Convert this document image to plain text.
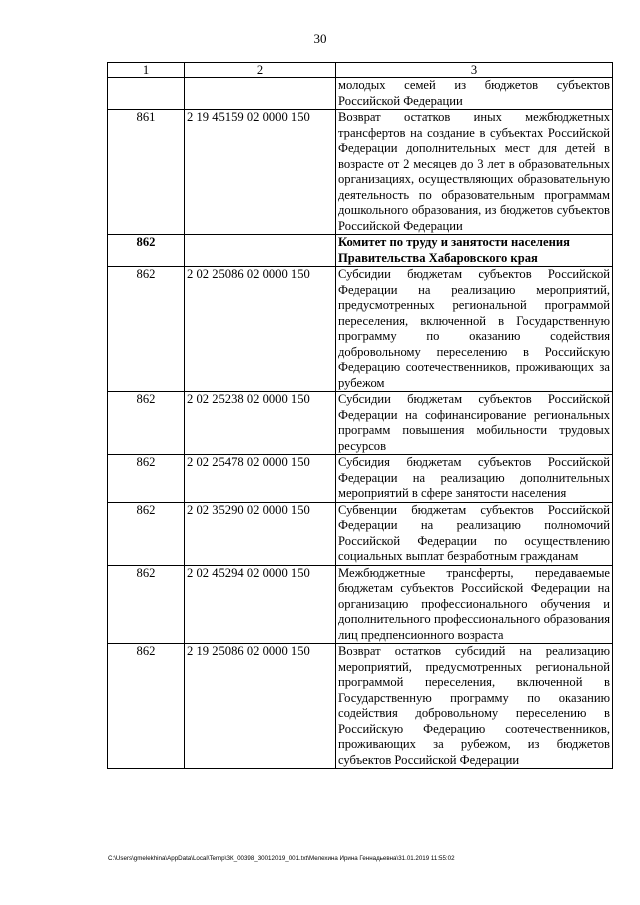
30
1	2	3
		молодых семей из бюджетов субъектов Российской Федерации
861	2 19 45159 02 0000 150	Возврат остатков иных межбюджетных трансфертов на создание в субъектах Российской Федерации дополнительных мест для детей в возрасте от 2 месяцев до 3 лет в образовательных организациях, осуществляющих образовательную деятельность по образовательным программам дошкольного образования, из бюджетов субъектов Российской Федерации
862		Комитет по труду и занятости населения Правительства Хабаровского края
862	2 02 25086 02 0000 150	Субсидии бюджетам субъектов Российской Федерации на реализацию мероприятий, предусмотренных региональной программой переселения, включенной в Государственную программу по оказанию содействия добровольному переселению в Российскую Федерацию соотечественников, проживающих за рубежом
862	2 02 25238 02 0000 150	Субсидии бюджетам субъектов Российской Федерации на софинансирование региональных программ повышения мобильности трудовых ресурсов
862	2 02 25478 02 0000 150	Субсидия бюджетам субъектов Российской Федерации на реализацию дополнительных мероприятий в сфере занятости населения
862	2 02 35290 02 0000 150	Субвенции бюджетам субъектов Российской Федерации на реализацию полномочий Российской Федерации по осуществлению социальных выплат безработным гражданам
862	2 02 45294 02 0000 150	Межбюджетные трансферты, передаваемые бюджетам субъектов Российской Федерации на организацию профессионального обучения и дополнительного профессионального образования лиц предпенсионного возраста
862	2 19 25086 02 0000 150	Возврат остатков субсидий на реализацию мероприятий, предусмотренных региональной программой переселения, включенной в Государственную программу по оказанию содействия добровольному переселению в Российскую Федерацию соотечественников, проживающих за рубежом, из бюджетов субъектов Российской Федерации
C:\Users\gmelekhina\AppData\Local\Temp\ЗК_00398_30012019_001.txt\Мелехина Ирина Геннадьевна\31.01.2019 11:55:02
